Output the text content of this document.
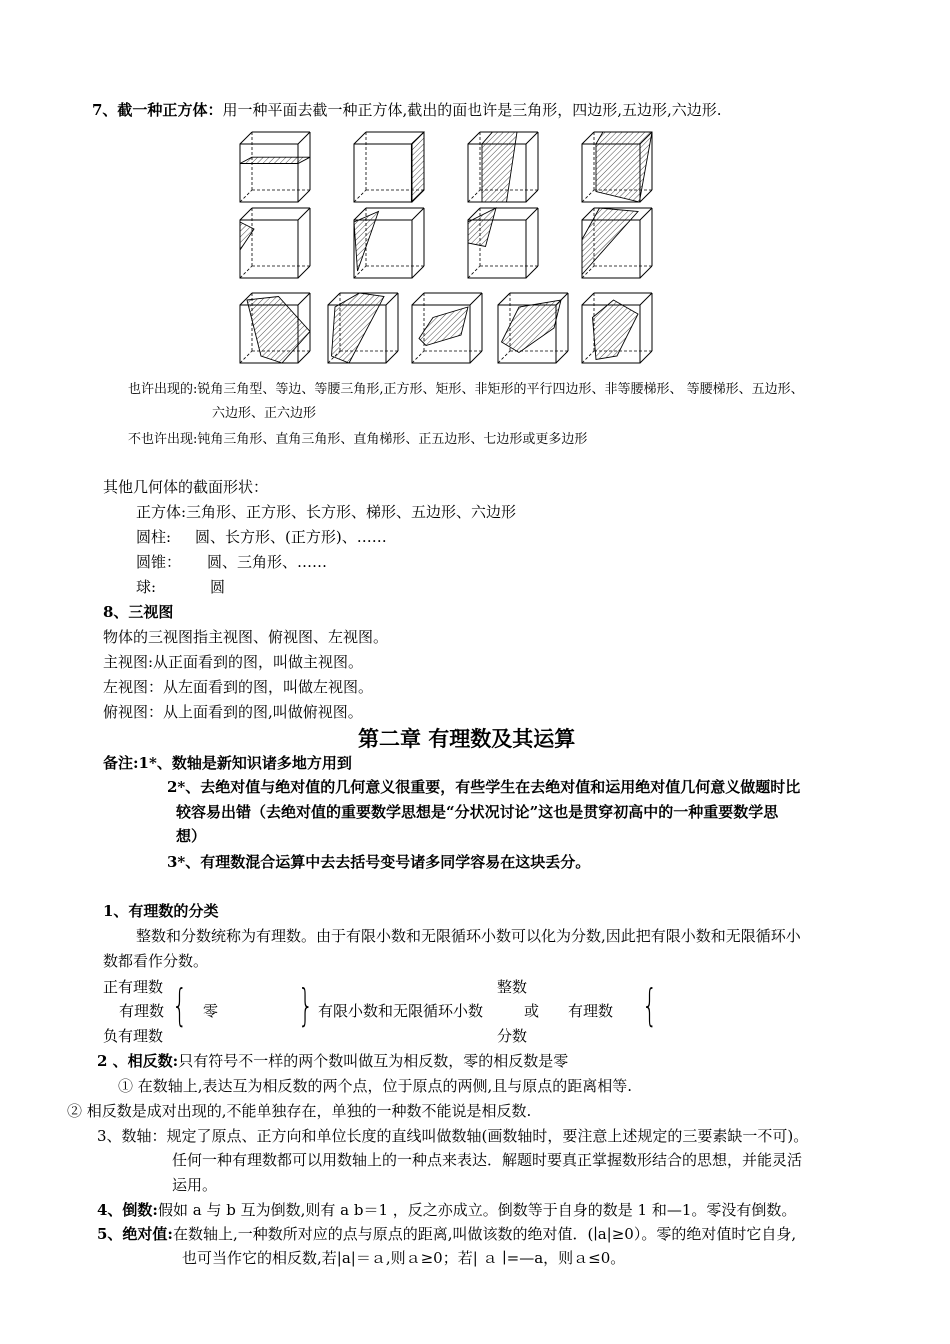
7、截一种正方体：用一种平面去截一种正方体,截出的面也许是三角形，四边形,五边形,六边形.
也许出现的:锐角三角型、等边、等腰三角形,正方形、矩形、非矩形的平行四边形、非等腰梯形、 等腰梯形、五边形、
六边形、正六边形
不也许出现:钝角三角形、直角三角形、直角梯形、正五边形、七边形或更多边形
其他几何体的截面形状：
正方体:三角形、正方形、长方形、梯形、五边形、六边形
圆柱: 圆、长方形、(正方形)、……
圆锥： 圆、三角形、……
球:	圆
8、三视图
物体的三视图指主视图、俯视图、左视图。
主视图:从正面看到的图，叫做主视图。
左视图：从左面看到的图，叫做左视图。
俯视图：从上面看到的图,叫做俯视图。
第二章 有理数及其运算
备注:1*、数轴是新知识诸多地方用到
2*、去绝对值与绝对值的几何意义很重要，有些学生在去绝对值和运用绝对值几何意义做题时比
较容易出错（去绝对值的重要数学思想是“分状况讨论”这也是贯穿初高中的一种重要数学思
想）
3*、有理数混合运算中去去括号变号诸多同学容易在这块丢分。
1、有理数的分类
整数和分数统称为有理数。由于有限小数和无限循环小数可以化为分数,因此把有限小数和无限循环小
数都看作分数。
正有理数
有理数 { 零 } 有限小数和无限循环小数	或 有理数 {
整数
负有理数	分数
2 、相反数:只有符号不一样的两个数叫做互为相反数，零的相反数是零
① 在数轴上,表达互为相反数的两个点，位于原点的两侧,且与原点的距离相等.
② 相反数是成对出现的,不能单独存在，单独的一种数不能说是相反数.
3、数轴：规定了原点、正方向和单位长度的直线叫做数轴(画数轴时，要注意上述规定的三要素缺一不可)。
任何一种有理数都可以用数轴上的一种点来表达．解题时要真正掌握数形结合的思想，并能灵活
运用。
4、倒数:假如 a 与 b 互为倒数,则有 a b＝1 ，反之亦成立。倒数等于自身的数是 1 和—1。零没有倒数。
5、绝对值:在数轴上,一种数所对应的点与原点的距离,叫做该数的绝对值．(∣a|≥0）。零的绝对值时它自身,
也可当作它的相反数,若|a|＝ａ,则ａ≥0；若| ａ ∣=—a，则ａ≤0。
